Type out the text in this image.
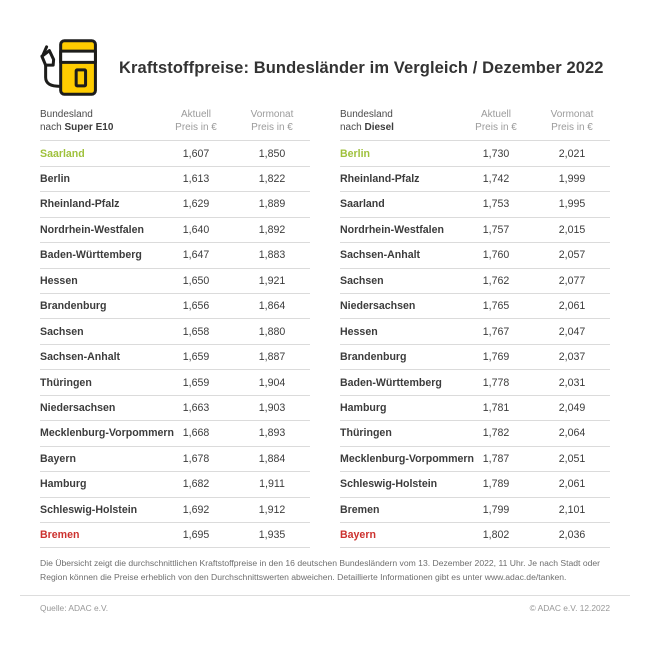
Kraftstoffpreise: Bundesländer im Vergleich / Dezember 2022
Bundesland
nach Super E10
Aktuell
Preis in €
Vormonat
Preis in €
Saarland	1,607	1,850
Berlin	1,613	1,822
Rheinland-Pfalz	1,629	1,889
Nordrhein-Westfalen	1,640	1,892
Baden-Württemberg	1,647	1,883
Hessen	1,650	1,921
Brandenburg	1,656	1,864
Sachsen	1,658	1,880
Sachsen-Anhalt	1,659	1,887
Thüringen	1,659	1,904
Niedersachsen	1,663	1,903
Mecklenburg-Vorpommern 1,668	1,893
Bayern	1,678	1,884
Hamburg	1,682	1,911
Schleswig-Holstein	1,692	1,912
Bremen	1,695	1,935
Bundesland
nach Diesel
Aktuell
Preis in €
Vormonat
Preis in €
Berlin	1,730	2,021
Rheinland-Pfalz	1,742	1,999
Saarland	1,753	1,995
Nordrhein-Westfalen	1,757	2,015
Sachsen-Anhalt	1,760	2,057
Sachsen	1,762	2,077
Niedersachsen	1,765	2,061
Hessen	1,767	2,047
Brandenburg	1,769	2,037
Baden-Württemberg	1,778	2,031
Hamburg	1,781	2,049
Thüringen	1,782	2,064
Mecklenburg-Vorpommern 1,787	2,051
Schleswig-Holstein	1,789	2,061
Bremen	1,799	2,101
Bayern	1,802	2,036

Die Übersicht zeigt die durchschnittlichen Kraftstoffpreise in den 16 deutschen Bundesländern vom 13. Dezember 2022, 11 Uhr. Je nach Stadt oder Region können die Preise erheblich von den Durchschnittswerten abweichen. Detaillierte Informationen gibt es unter www.adac.de/tanken.

Quelle: ADAC e.V.	© ADAC e.V. 12.2022
